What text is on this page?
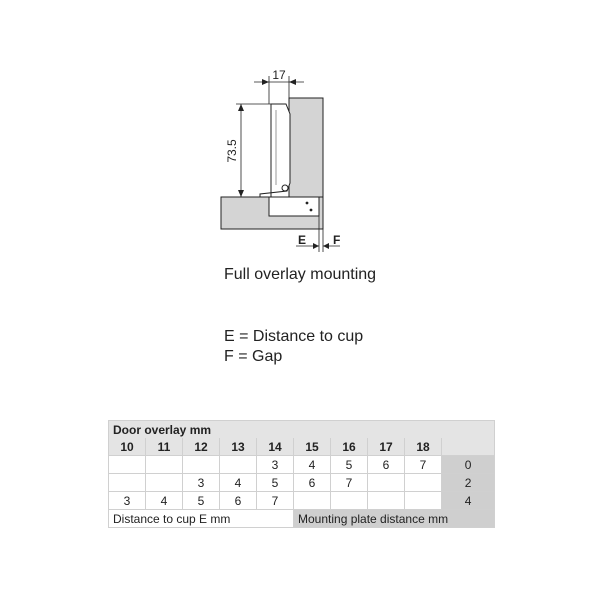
17
73.5
E F
Full overlay mounting
E = Distance to cup
F = Gap
Door overlay mm									
10	11	12	13	14	15	16	17	18	
				3	4	5	6	7	0
		3	4	5	6	7			2
3	4	5	6	7					4
Distance to cup E mm					Mounting plate distance mm				
